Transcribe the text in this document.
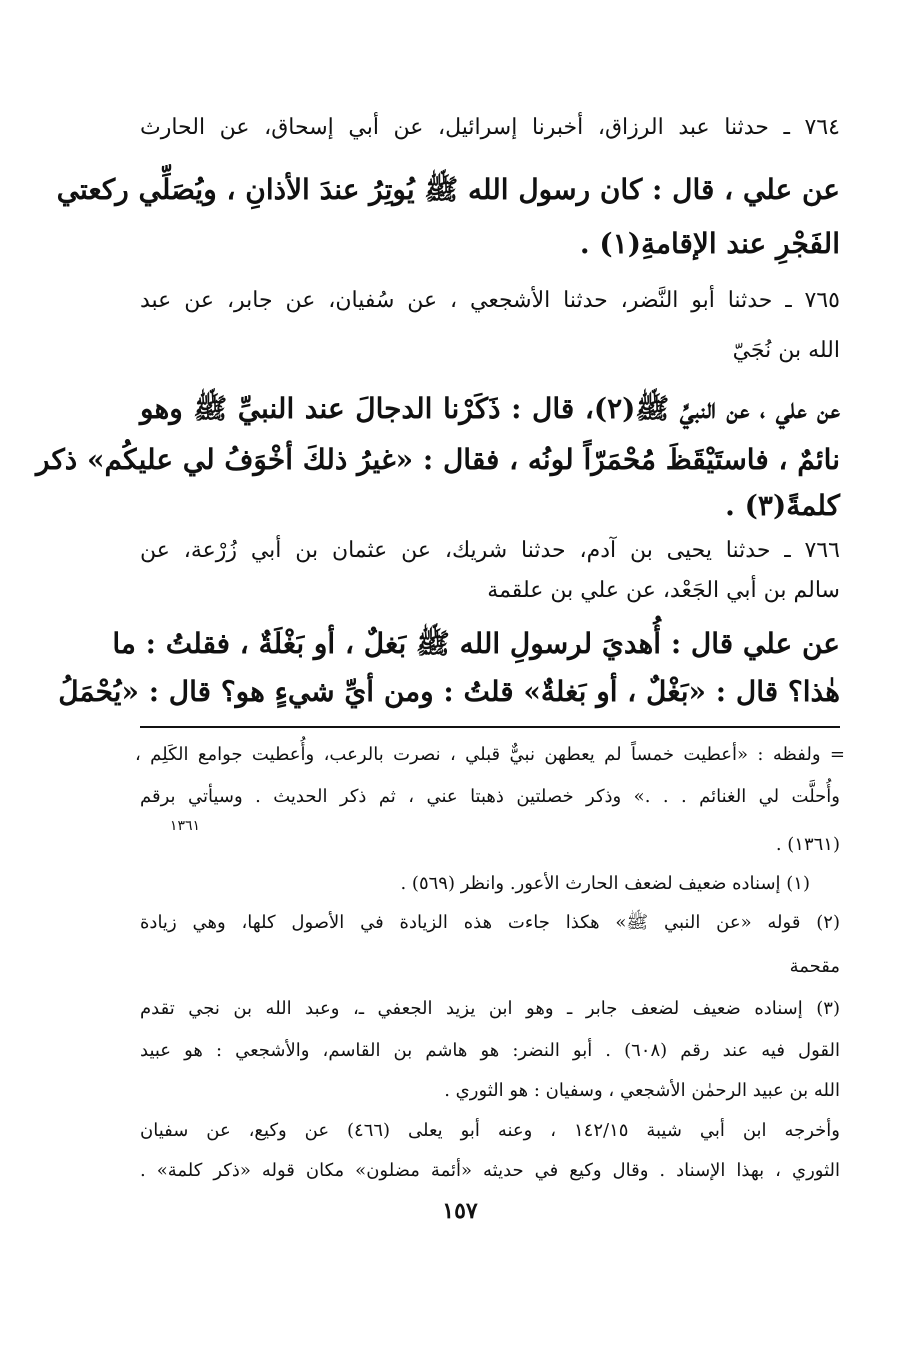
٧٦٤ ـ حدثنا عبد الرزاق، أخبرنا إسرائيل، عن أبي إسحاق، عن الحارث
عن علي ، قال : كان رسول الله ﷺ يُوتِرُ عندَ الأذانِ ، ويُصَلِّي ركعتي
الفَجْرِ عند الإقامةِ(١) .
٧٦٥ ـ حدثنا أبو النَّضر، حدثنا الأشجعي ، عن سُفيان، عن جابر، عن عبد
الله بن نُجَيّ
عن علي ، عن النبيِّ ﷺ(٢)، قال : ذَكَرْنا الدجالَ عند النبيِّ ﷺ وهو
نائمٌ ، فاستَيْقَظَ مُحْمَرّاً لونُه ، فقال : «غيرُ ذلكَ أخْوَفُ لي عليكُم» ذكر
كلمةً(٣) .
٧٦٦ ـ حدثنا يحيى بن آدم، حدثنا شريك، عن عثمان بن أبي زُرْعة، عن
سالم بن أبي الجَعْد، عن علي بن علقمة
عن علي قال : أُهديَ لرسولِ الله ﷺ بَغلٌ ، أو بَغْلَةٌ ، فقلتُ : ما
هٰذا؟ قال : «بَغْلٌ ، أو بَغلةٌ» قلتُ : ومن أيِّ شيءٍ هو؟ قال : «يُحْمَلُ
= ولفظه : «أعطيت خمساً لم يعطهن نبيٌّ قبلي ، نصرت بالرعب، وأُعطيت جوامع الكَلِم ،
وأُحلَّت لي الغنائم . . .» وذكر خصلتين ذهبتا عني ، ثم ذكر الحديث . وسيأتي برقم
١٣٦١
(١٣٦١) .
(١) إسناده ضعيف لضعف الحارث الأعور. وانظر (٥٦٩) .
(٢) قوله «عن النبي ﷺ» هكذا جاءت هذه الزيادة في الأصول كلها، وهي زيادة
مقحمة
(٣) إسناده ضعيف لضعف جابر ـ وهو ابن يزيد الجعفي ـ، وعبد الله بن نجي تقدم
القول فيه عند رقم (٦٠٨) . أبو النضر: هو هاشم بن القاسم، والأشجعي : هو عبيد
الله بن عبيد الرحمٰن الأشجعي ، وسفيان : هو الثوري .
وأخرجه ابن أبي شيبة ١٤٢/١٥ ، وعنه أبو يعلى (٤٦٦) عن وكيع، عن سفيان
الثوري ، بهذا الإسناد . وقال وكيع في حديثه «أئمة مضلون» مكان قوله «ذكر كلمة» .
١٥٧
